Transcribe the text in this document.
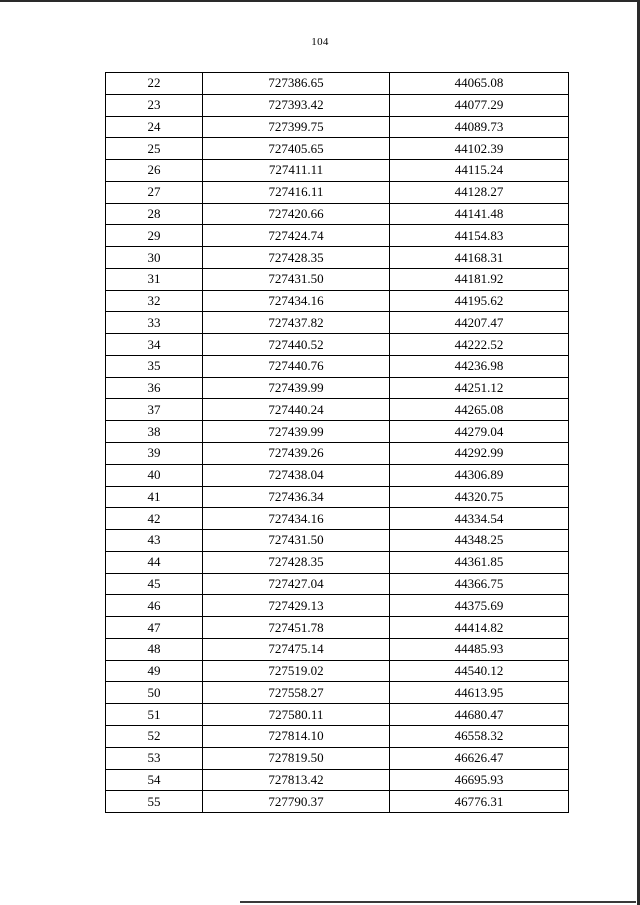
104
22	727386.65	44065.08
23	727393.42	44077.29
24	727399.75	44089.73
25	727405.65	44102.39
26	727411.11	44115.24
27	727416.11	44128.27
28	727420.66	44141.48
29	727424.74	44154.83
30	727428.35	44168.31
31	727431.50	44181.92
32	727434.16	44195.62
33	727437.82	44207.47
34	727440.52	44222.52
35	727440.76	44236.98
36	727439.99	44251.12
37	727440.24	44265.08
38	727439.99	44279.04
39	727439.26	44292.99
40	727438.04	44306.89
41	727436.34	44320.75
42	727434.16	44334.54
43	727431.50	44348.25
44	727428.35	44361.85
45	727427.04	44366.75
46	727429.13	44375.69
47	727451.78	44414.82
48	727475.14	44485.93
49	727519.02	44540.12
50	727558.27	44613.95
51	727580.11	44680.47
52	727814.10	46558.32
53	727819.50	46626.47
54	727813.42	46695.93
55	727790.37	46776.31
